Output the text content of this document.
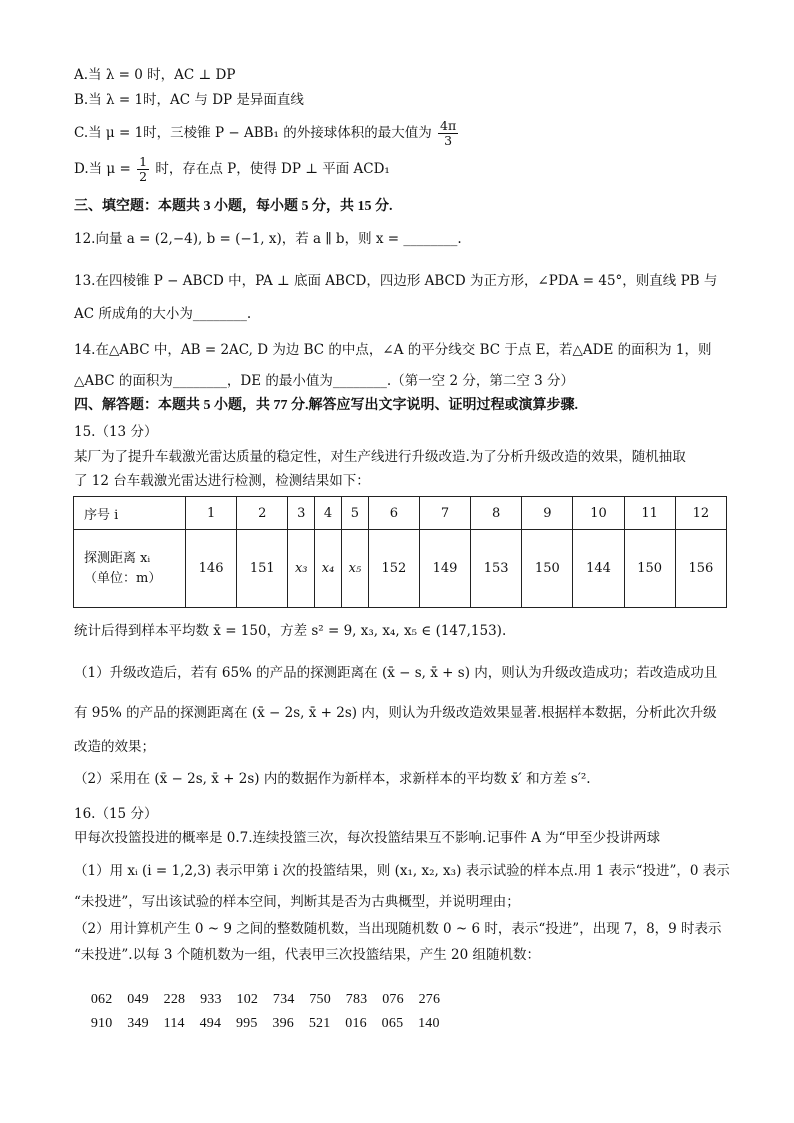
A.当 λ = 0 时，AC ⊥ DP
B.当 λ = 1时，AC 与 DP 是异面直线
C.当 μ = 1时，三棱锥 P − ABB₁ 的外接球体积的最大值为 $\frac{4\pi}{3}$
D.当 $\mu = \frac{1}{2}$ 时，存在点 P，使得 DP ⊥ 平面 ACD₁
三、填空题：本题共 3 小题，每小题 5 分，共 15 分.
12.向量 a = (2,−4), b = (−1, x)，若 a ∥ b，则 x = ________.
13.在四棱锥 P − ABCD 中，PA ⊥ 底面 ABCD，四边形 ABCD 为正方形，∠PDA = 45°，则直线 PB 与
AC 所成角的大小为________.
14.在△ABC 中，AB = 2AC, D 为边 BC 的中点，∠A 的平分线交 BC 于点 E，若△ADE 的面积为 1，则
△ABC 的面积为________，DE 的最小值为________.（第一空 2 分，第二空 3 分）
四、解答题：本题共 5 小题，共 77 分.解答应写出文字说明、证明过程或演算步骤.
15.（13 分）
某厂为了提升车载激光雷达质量的稳定性，对生产线进行升级改造.为了分析升级改造的效果，随机抽取
了 12 台车载激光雷达进行检测，检测结果如下：
序号 i	1	2	3	4	5	6	7	8	9	10	11	12

探测距离 xᵢ
（单位：m）	146	151	x₃	x₄	x₅	152	149	153	150	144	150	156
统计后得到样本平均数 x̄ = 150，方差 s² = 9, x₃, x₄, x₅ ∈ (147,153).
（1）升级改造后，若有 65% 的产品的探测距离在 (x̄ − s, x̄ + s) 内，则认为升级改造成功；若改造成功且
有 95% 的产品的探测距离在 (x̄ − 2s, x̄ + 2s) 内，则认为升级改造效果显著.根据样本数据，分析此次升级
改造的效果；
（2）采用在 (x̄ − 2s, x̄ + 2s) 内的数据作为新样本，求新样本的平均数 x̄′ 和方差 s′².
16.（15 分）
甲每次投篮投进的概率是 0.7.连续投篮三次，每次投篮结果互不影响.记事件 A 为“甲至少投讲两球
（1）用 xᵢ (i = 1,2,3) 表示甲第 i 次的投篮结果，则 (x₁, x₂, x₃) 表示试验的样本点.用 1 表示“投进”，0 表示
“未投进”，写出该试验的样本空间，判断其是否为古典概型，并说明理由；
（2）用计算机产生 0 ~ 9 之间的整数随机数，当出现随机数 0 ~ 6 时，表示“投进”，出现 7，8，9 时表示
“未投进”.以每 3 个随机数为一组，代表甲三次投篮结果，产生 20 组随机数：

062 049 228 933 102 734 750 783 076 276

910 349 114 494 995 396 521 016 065 140
